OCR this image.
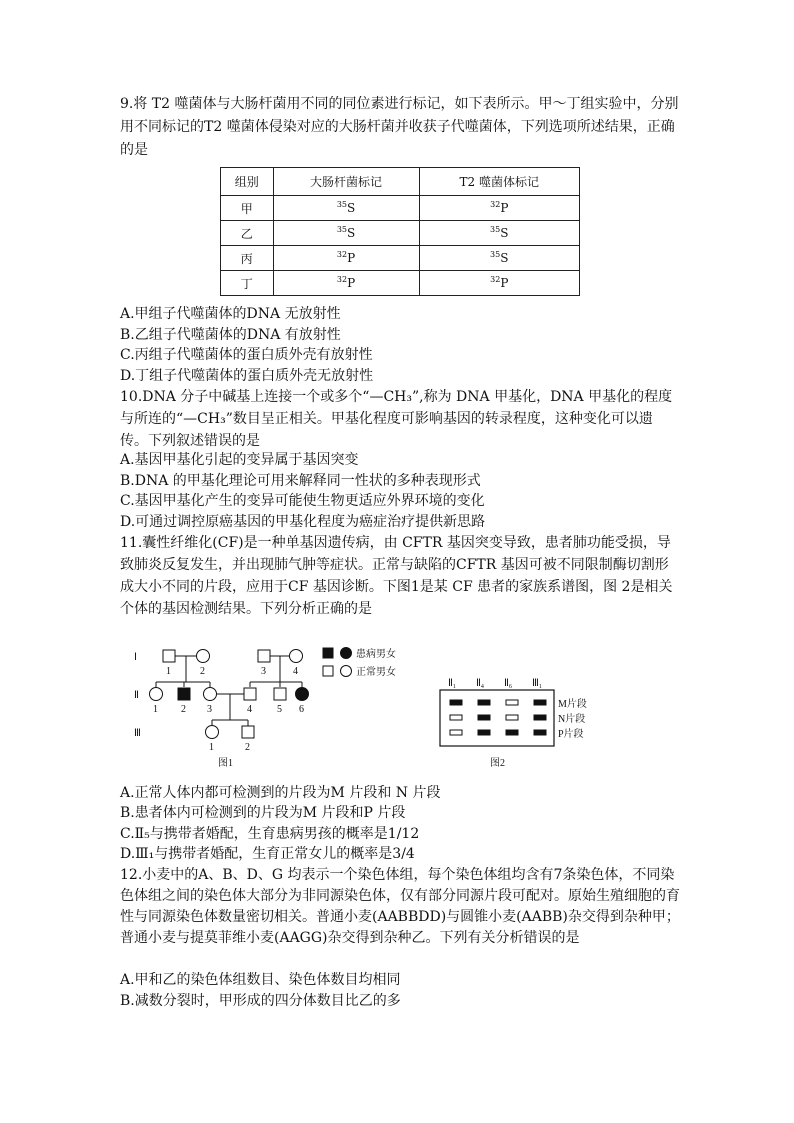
9.将 T2 噬菌体与大肠杆菌用不同的同位素进行标记，如下表所示。甲～丁组实验中，分别用不同标记的T2 噬菌体侵染对应的大肠杆菌并收获子代噬菌体，下列选项所述结果，正确的是

组别	大肠杆菌标记	T2 噬菌体标记
甲	$^{35}$S	$^{32}$P
乙	$^{35}$S	$^{35}$S
丙	$^{32}$P	$^{35}$S
丁	$^{32}$P	$^{32}$P

A.甲组子代噬菌体的DNA 无放射性

B.乙组子代噬菌体的DNA 有放射性

C.丙组子代噬菌体的蛋白质外壳有放射性

D.丁组子代噬菌体的蛋白质外壳无放射性

10.DNA 分子中碱基上连接一个或多个“—CH₃”,称为 DNA 甲基化，DNA 甲基化的程度与所连的“—CH₃”数目呈正相关。甲基化程度可影响基因的转录程度，这种变化可以遗传。下列叙述错误的是

A.基因甲基化引起的变异属于基因突变

B.DNA 的甲基化理论可用来解释同一性状的多种表现形式

C.基因甲基化产生的变异可能使生物更适应外界环境的变化

D.可通过调控原癌基因的甲基化程度为癌症治疗提供新思路

11.囊性纤维化(CF)是一种单基因遗传病，由 CFTR 基因突变导致，患者肺功能受损，导致肺炎反复发生，并出现肺气肿等症状。正常与缺陷的CFTR 基因可被不同限制酶切割形成大小不同的片段，应用于CF 基因诊断。下图1是某 CF 患者的家族系谱图，图 2是相关个体的基因检测结果。下列分析正确的是

Ⅰ
Ⅱ
Ⅲ
1	2	3	4
1 2 3	4	5 6
1	2
患病男女
正常男女
图1
$Ⅱ_1$ $Ⅱ_4$ $Ⅱ_6$ $Ⅲ_1$
M片段
N片段
P片段
图2

A.正常人体内都可检测到的片段为M 片段和 N 片段

B.患者体内可检测到的片段为M 片段和P 片段

C.Ⅱ₅与携带者婚配，生育患病男孩的概率是1/12

D.Ⅲ₁与携带者婚配，生育正常女儿的概率是3/4

12.小麦中的A、B、D、G 均表示一个染色体组，每个染色体组均含有7条染色体，不同染色体组之间的染色体大部分为非同源染色体，仅有部分同源片段可配对。原始生殖细胞的育性与同源染色体数量密切相关。普通小麦(AABBDD)与圆锥小麦(AABB)杂交得到杂种甲；普通小麦与提莫菲维小麦(AAGG)杂交得到杂种乙。下列有关分析错误的是

A.甲和乙的染色体组数目、染色体数目均相同

B.减数分裂时，甲形成的四分体数目比乙的多
